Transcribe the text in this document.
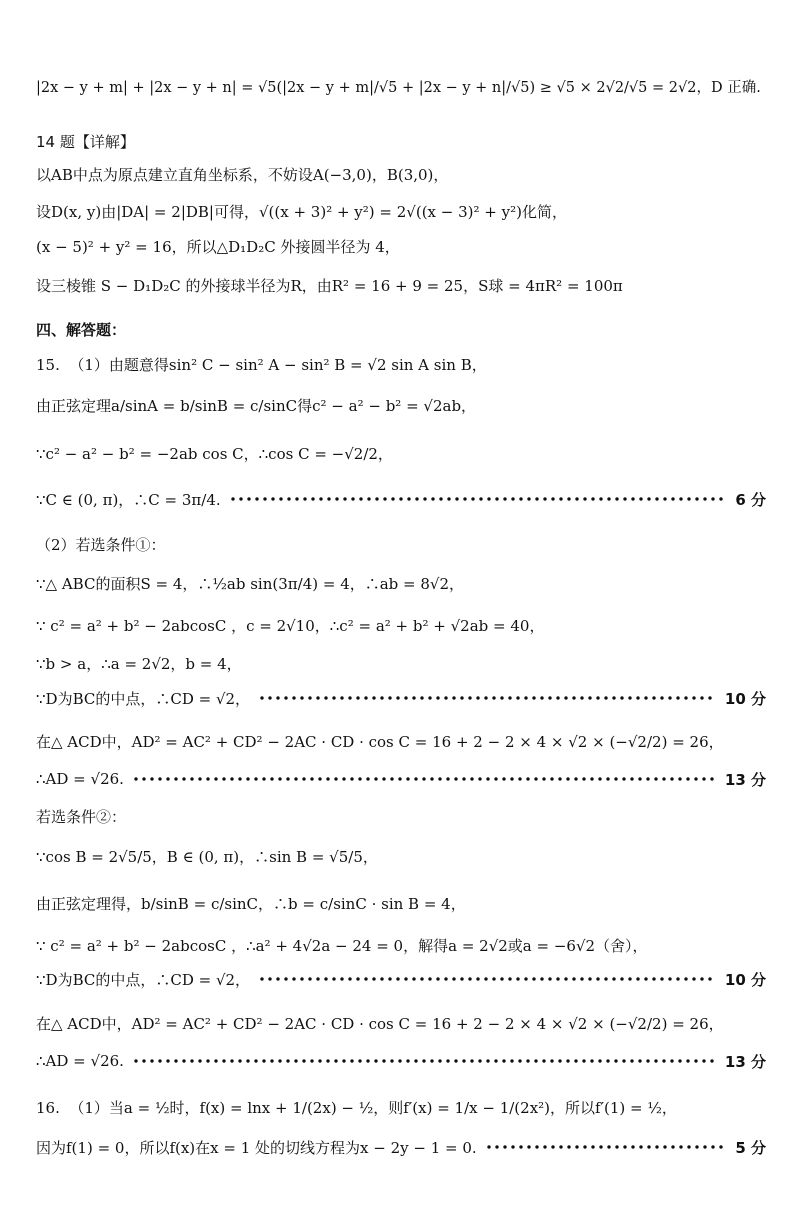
|2x − y + m| + |2x − y + n| = √5(|2x − y + m|/√5 + |2x − y + n|/√5) ≥ √5 × 2√2/√5 = 2√2，D 正确.
14 题【详解】
以AB中点为原点建立直角坐标系，不妨设A(−3,0)，B(3,0)，
设D(x, y)由|DA| = 2|DB|可得，√((x + 3)² + y²) = 2√((x − 3)² + y²)化简，
(x − 5)² + y² = 16，所以△D₁D₂C 外接圆半径为 4，
设三棱锥 S − D₁D₂C 的外接球半径为R，由R² = 16 + 9 = 25，S球 = 4πR² = 100π
四、解答题：
15.  （1）由题意得sin² C − sin² A − sin² B = √2 sin A sin B，
由正弦定理a/sinA = b/sinB = c/sinC得c² − a² − b² = √2ab，
∵c² − a² − b² = −2ab cos C，∴cos C = −√2/2，
∵C ∈ (0, π)，∴C = 3π/4.	6 分
（2）若选条件①：
∵△ ABC的面积S = 4，∴½ab sin(3π/4) = 4，∴ab = 8√2，
∵ c² = a² + b² − 2abcosC ，c = 2√10，∴c² = a² + b² + √2ab = 40，
∵b > a，∴a = 2√2，b = 4，
∵D为BC的中点，∴CD = √2，	10 分
在△ ACD中，AD² = AC² + CD² − 2AC · CD · cos C = 16 + 2 − 2 × 4 × √2 × (−√2/2) = 26，
∴AD = √26.	13 分
若选条件②：
∵cos B = 2√5/5，B ∈ (0, π)，∴sin B = √5/5，
由正弦定理得，b/sinB = c/sinC，∴b = c/sinC · sin B = 4，
∵ c² = a² + b² − 2abcosC ，∴a² + 4√2a − 24 = 0，解得a = 2√2或a = −6√2（舍），
∵D为BC的中点，∴CD = √2，	10 分
在△ ACD中，AD² = AC² + CD² − 2AC · CD · cos C = 16 + 2 − 2 × 4 × √2 × (−√2/2) = 26，
∴AD = √26.	13 分
16.  （1）当a = ½时，f(x) = lnx + 1/(2x) − ½，则f′(x) = 1/x − 1/(2x²)，所以f′(1) = ½，
因为f(1) = 0，所以f(x)在x = 1 处的切线方程为x − 2y − 1 = 0.	5 分
